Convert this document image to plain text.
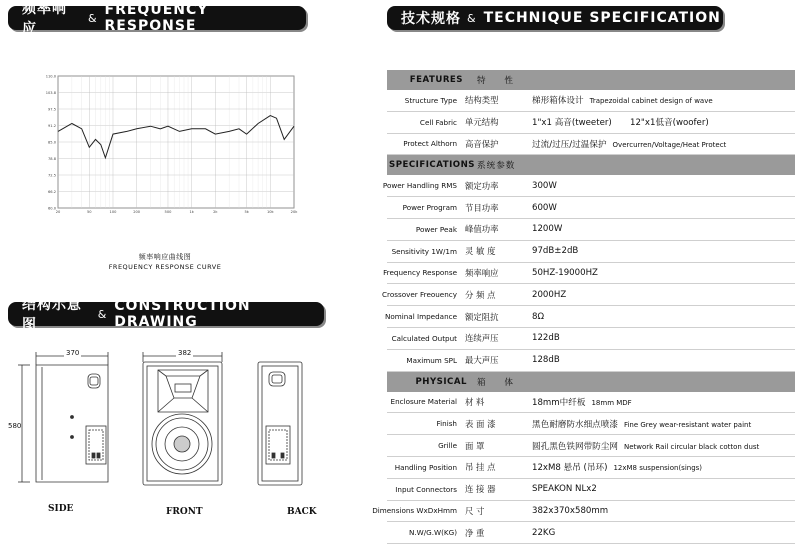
频率响应
& FREQUENCY RESPONSE	技术规格 & TECHNIQUE SPECIFICATION
结构示意图
& CONSTRUCTION DRAWING
110.0
103.8
97.5
91.2
85.0
78.8
72.5
66.2
60.0
20	50	100	200	500	1k	2k	5k	10k	20k
频率响应曲线图
FREQUENCY RESPONSE CURVE
370	382
580
SIDE	FRONT	BACK
FEATURES 特 性
Structure Type 结构类型	梯形箱体设计 Trapezoidal cabinet design of wave
Cell Fabric 单元结构	1"x1 高音(tweeter) 12"x1低音(woofer)
Protect Althorn 高音保护	过流/过压/过温保护 Overcurren/Voltage/Heat Protect
SPECIFICATIONS 系统参数
Power Handling RMS 额定功率	300W
Power Program 节目功率	600W
Power Peak 峰值功率	1200W
Sensitivity 1W/1m 灵 敏 度	97dB±2dB
Frequency Response 频率响应	50HZ-19000HZ
Crossover Freouency 分 频 点	2000HZ
Nominal Impedance 额定阻抗	8Ω
Calculated Output 连续声压	122dB
Maximum SPL 最大声压	128dB
PHYSICAL 箱 体
Enclosure Material 材 料	18mm中纤板 18mm MDF
Finish 表 面 漆	黑色耐磨防水细点喷漆 Fine Grey wear-resistant water paint
Grille 面 罩	圆孔黑色铁网带防尘网 Network Rail circular black cotton dust
Handling Position 吊 挂 点	12xM8 悬吊 (吊环) 12xM8 suspension(sings)
Input Connectors 连 接 器	SPEAKON NLx2
Dimensions WxDxHmm 尺 寸	382x370x580mm
N.W/G.W(KG) 净 重	22KG
